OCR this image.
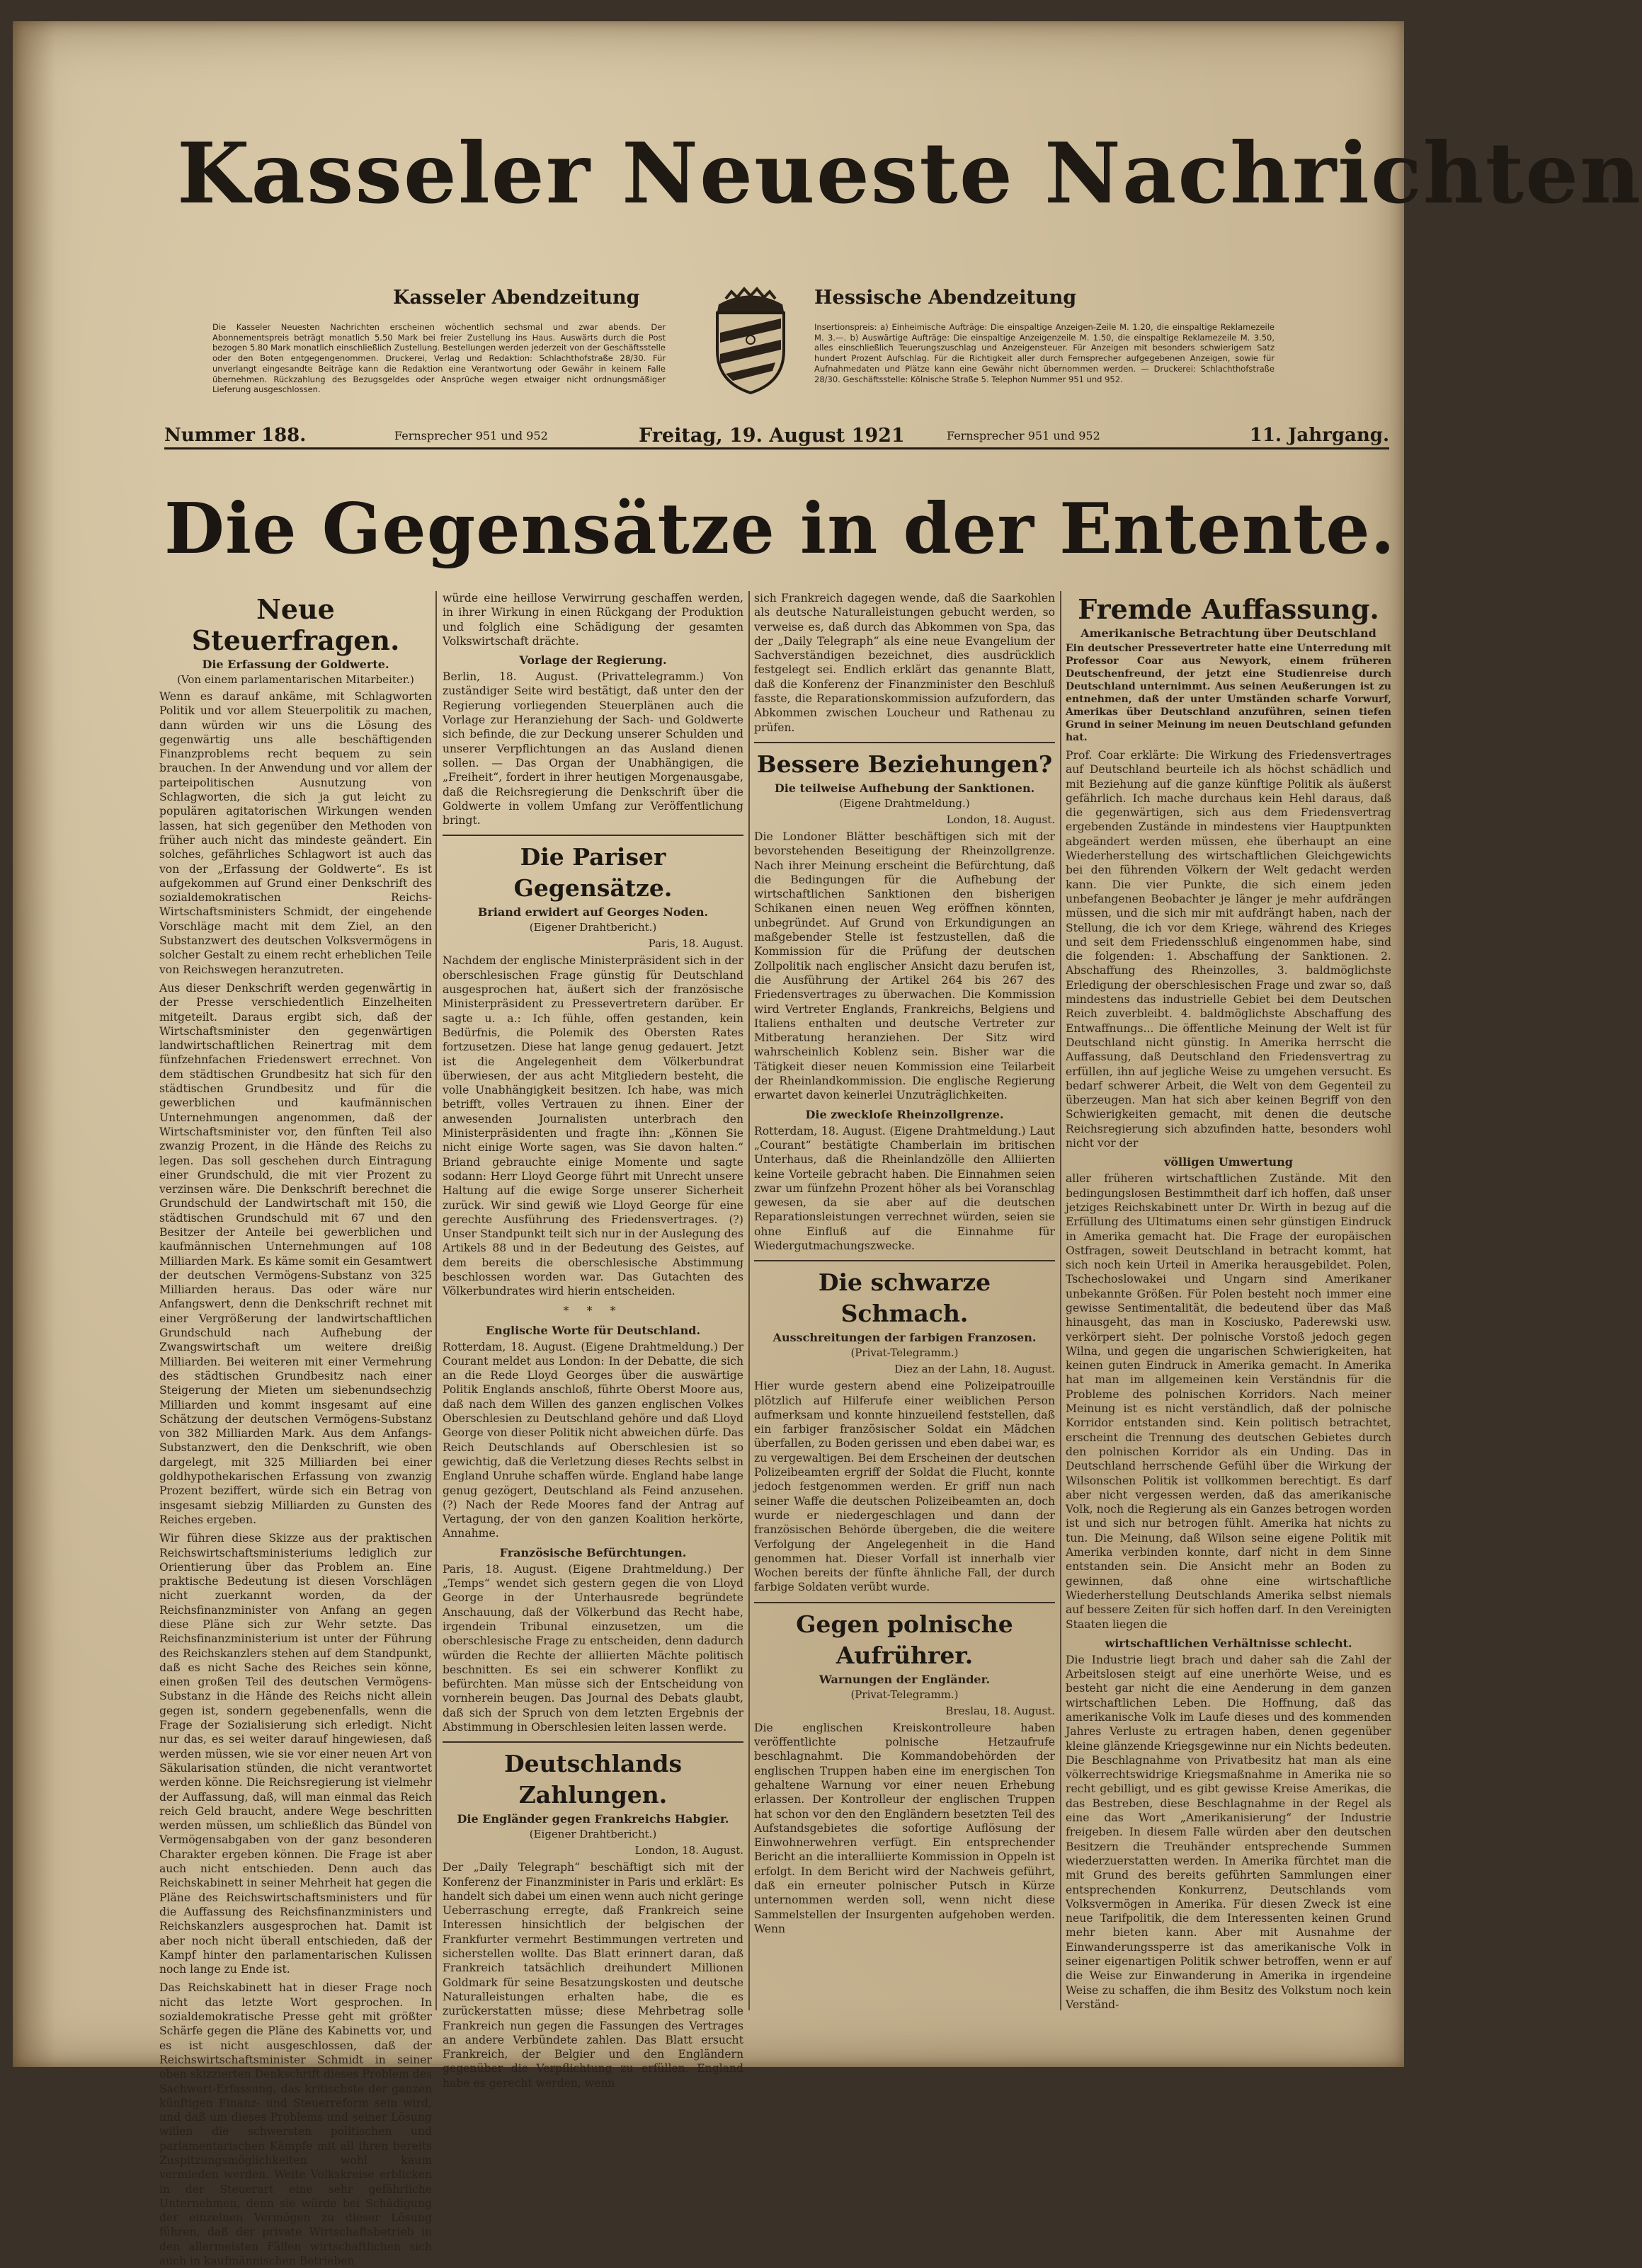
Kasseler Neueste Nachrichten
Kasseler Abendzeitung	Hessische Abendzeitung
Die Kasseler Neuesten Nachrichten erscheinen wöchentlich sechsmal und zwar abends. Der Abonnementspreis beträgt monatlich 5.50 Mark bei freier Zustellung ins Haus. Auswärts durch die Post bezogen 5.80 Mark monatlich einschließlich Zustellung. Bestellungen werden jederzeit von der Geschäftsstelle oder den Boten entgegengenommen. Druckerei, Verlag und Redaktion: Schlachthofstraße 28/30. Für unverlangt eingesandte Beiträge kann die Redaktion eine Verantwortung oder Gewähr in keinem Falle übernehmen. Rückzahlung des Bezugsgeldes oder Ansprüche wegen etwaiger nicht ordnungsmäßiger Lieferung ausgeschlossen.
Insertionspreis: a) Einheimische Aufträge: Die einspaltige Anzeigen-Zeile M. 1.20, die einspaltige Reklamezeile M. 3.—. b) Auswärtige Aufträge: Die einspaltige Anzeigenzeile M. 1.50, die einspaltige Reklamezeile M. 3.50, alles einschließlich Teuerungszuschlag und Anzeigensteuer. Für Anzeigen mit besonders schwierigem Satz hundert Prozent Aufschlag. Für die Richtigkeit aller durch Fernsprecher aufgegebenen Anzeigen, sowie für Aufnahmedaten und Plätze kann eine Gewähr nicht übernommen werden. — Druckerei: Schlachthofstraße 28/30. Geschäftsstelle: Kölnische Straße 5. Telephon Nummer 951 und 952.
Nummer 188.	Fernsprecher 951 und 952	Freitag, 19. August 1921	Fernsprecher 951 und 952	11. Jahrgang.
Die Gegensätze in der Entente.
Neue Steuerfragen.
Die Erfassung der Goldwerte.
(Von einem parlamentarischen Mitarbeiter.)

Wenn es darauf ankäme, mit Schlagworten Politik und vor allem Steuerpolitik zu machen, dann würden wir uns die Lösung des gegenwärtig uns alle beschäftigenden Finanzproblems recht bequem zu sein brauchen. In der Anwendung und vor allem der parteipolitischen Ausnutzung von Schlagworten, die sich ja gut leicht zu populären agitatorischen Wirkungen wenden lassen, hat sich gegenüber den Methoden von früher auch nicht das mindeste geändert. Ein solches, gefährliches Schlagwort ist auch das von der „Erfassung der Goldwerte“. Es ist aufgekommen auf Grund einer Denkschrift des sozialdemokratischen Reichs-Wirtschaftsministers Schmidt, der eingehende Vorschläge macht mit dem Ziel, an den Substanzwert des deutschen Volksvermögens in solcher Gestalt zu einem recht erheblichen Teile von Reichswegen heranzutreten.

Aus dieser Denkschrift werden gegenwärtig in der Presse verschiedentlich Einzelheiten mitgeteilt. Daraus ergibt sich, daß der Wirtschaftsminister den gegenwärtigen landwirtschaftlichen Reinertrag mit dem fünfzehnfachen Friedenswert errechnet. Von dem städtischen Grundbesitz hat sich für den städtischen Grundbesitz und für die gewerblichen und kaufmännischen Unternehmungen angenommen, daß der Wirtschaftsminister vor, den fünften Teil also zwanzig Prozent, in die Hände des Reichs zu legen. Das soll geschehen durch Eintragung einer Grundschuld, die mit vier Prozent zu verzinsen wäre. Die Denkschrift berechnet die Grundschuld der Landwirtschaft mit 150, die städtischen Grundschuld mit 67 und den Besitzer der Anteile bei gewerblichen und kaufmännischen Unternehmungen auf 108 Milliarden Mark. Es käme somit ein Gesamtwert der deutschen Vermögens-Substanz von 325 Milliarden heraus. Das oder wäre nur Anfangswert, denn die Denkschrift rechnet mit einer Vergrößerung der landwirtschaftlichen Grundschuld nach Aufhebung der Zwangswirtschaft um weitere dreißig Milliarden. Bei weiteren mit einer Vermehrung des städtischen Grundbesitz nach einer Steigerung der Mieten um siebenundsechzig Milliarden und kommt insgesamt auf eine Schätzung der deutschen Vermögens-Substanz von 382 Milliarden Mark. Aus dem Anfangs-Substanzwert, den die Denkschrift, wie oben dargelegt, mit 325 Milliarden bei einer goldhypothekarischen Erfassung von zwanzig Prozent beziffert, würde sich ein Betrag von insgesamt siebzig Milliarden zu Gunsten des Reiches ergeben.

Wir führen diese Skizze aus der praktischen Reichswirtschaftsministeriums lediglich zur Orientierung über das Problem an. Eine praktische Bedeutung ist diesen Vorschlägen nicht zuerkannt worden, da der Reichsfinanzminister von Anfang an gegen diese Pläne sich zur Wehr setzte. Das Reichsfinanzministerium ist unter der Führung des Reichskanzlers stehen auf dem Standpunkt, daß es nicht Sache des Reiches sein könne, einen großen Teil des deutschen Vermögens-Substanz in die Hände des Reichs nicht allein gegen ist, sondern gegebenenfalls, wenn die Frage der Sozialisierung sich erledigt. Nicht nur das, es sei weiter darauf hingewiesen, daß werden müssen, wie sie vor einer neuen Art von Säkularisation stünden, die nicht verantwortet werden könne. Die Reichsregierung ist vielmehr der Auffassung, daß, will man einmal das Reich reich Geld braucht, andere Wege beschritten werden müssen, um schließlich das Bündel von Vermögensabgaben von der ganz besonderen Charakter ergeben können. Die Frage ist aber auch nicht entschieden. Denn auch das Reichskabinett in seiner Mehrheit hat gegen die Pläne des Reichswirtschaftsministers und für die Auffassung des Reichsfinanzministers und Reichskanzlers ausgesprochen hat. Damit ist aber noch nicht überall entschieden, daß der Kampf hinter den parlamentarischen Kulissen noch lange zu Ende ist.

Das Reichskabinett hat in dieser Frage noch nicht das letzte Wort gesprochen. In sozialdemokratische Presse geht mit größter Schärfe gegen die Pläne des Kabinetts vor, und es ist nicht ausgeschlossen, daß der Reichswirtschaftsminister Schmidt in seiner oben skizzierten Denkschrift dieses Problem des Sachwert-Erfassung, das kritischste der ganzen künftigen Finanz- und Steuerreform sein wird, und daß um dieses Problems und seiner Lösung willen die schwersten politischen und parlamentarischen Kämpfe mit all ihren bereits Zuspitzungsmöglichkeiten wohl kaum vermieden werden. Weite Volkskreise erblicken in der Steuerart eine sehr gefährliche Unternehmen, denn sie würde bei Schädigung der einzelnen Vermögen zu dieser Lösung führen, daß der private Wirtschaftsbetrieb in den allermeisten Fällen wirtschaftlichen sich auch in kaufmännischen Betrieben

würde eine heillose Verwirrung geschaffen werden, in ihrer Wirkung in einen Rückgang der Produktion und folglich eine Schädigung der gesamten Volkswirtschaft drächte.

Vorlage der Regierung.

Berlin, 18. August. (Privattelegramm.) Von zuständiger Seite wird bestätigt, daß unter den der Regierung vorliegenden Steuerplänen auch die Vorlage zur Heranziehung der Sach- und Goldwerte sich befinde, die zur Deckung unserer Schulden und unserer Verpflichtungen an das Ausland dienen sollen. — Das Organ der Unabhängigen, die „Freiheit“, fordert in ihrer heutigen Morgenausgabe, daß die Reichsregierung die Denkschrift über die Goldwerte in vollem Umfang zur Veröffentlichung bringt.

Die Pariser Gegensätze.
Briand erwidert auf Georges Noden.
(Eigener Drahtbericht.)
Paris, 18. August.

Nachdem der englische Ministerpräsident sich in der oberschlesischen Frage günstig für Deutschland ausgesprochen hat, äußert sich der französische Ministerpräsident zu Pressevertretern darüber. Er sagte u. a.: Ich fühle, offen gestanden, kein Bedürfnis, die Polemik des Obersten Rates fortzusetzen. Diese hat lange genug gedauert. Jetzt ist die Angelegenheit dem Völkerbundrat überwiesen, der aus acht Mitgliedern besteht, die volle Unabhängigkeit besitzen. Ich habe, was mich betrifft, volles Vertrauen zu ihnen. Einer der anwesenden Journalisten unterbrach den Ministerpräsidenten und fragte ihn: „Können Sie nicht einige Worte sagen, was Sie davon halten.“ Briand gebrauchte einige Momente und sagte sodann: Herr Lloyd George führt mit Unrecht unsere Haltung auf die ewige Sorge unserer Sicherheit zurück. Wir sind gewiß wie Lloyd George für eine gerechte Ausführung des Friedensvertrages. (?) Unser Standpunkt teilt sich nur in der Auslegung des Artikels 88 und in der Bedeutung des Geistes, auf dem bereits die oberschlesische Abstimmung beschlossen worden war. Das Gutachten des Völkerbundrates wird hierin entscheiden.

* * *
Englische Worte für Deutschland.

Rotterdam, 18. August. (Eigene Drahtmeldung.) Der Courant meldet aus London: In der Debatte, die sich an die Rede Lloyd Georges über die auswärtige Politik Englands anschloß, führte Oberst Moore aus, daß nach dem Willen des ganzen englischen Volkes Oberschlesien zu Deutschland gehöre und daß Lloyd George von dieser Politik nicht abweichen dürfe. Das Reich Deutschlands auf Oberschlesien ist so gewichtig, daß die Verletzung dieses Rechts selbst in England Unruhe schaffen würde. England habe lange genug gezögert, Deutschland als Feind anzusehen. (?) Nach der Rede Moores fand der Antrag auf Vertagung, der von den ganzen Koalition herkörte, Annahme.

Französische Befürchtungen.

Paris, 18. August. (Eigene Drahtmeldung.) Der „Temps“ wendet sich gestern gegen die von Lloyd George in der Unterhausrede begründete Anschauung, daß der Völkerbund das Recht habe, irgendein Tribunal einzusetzen, um die oberschlesische Frage zu entscheiden, denn dadurch würden die Rechte der alliierten Mächte politisch beschnitten. Es sei ein schwerer Konflikt zu befürchten. Man müsse sich der Entscheidung von vornherein beugen. Das Journal des Debats glaubt, daß sich der Spruch von dem letzten Ergebnis der Abstimmung in Oberschlesien leiten lassen werde.

Deutschlands Zahlungen.
Die Engländer gegen Frankreichs Habgier.
(Eigener Drahtbericht.)
London, 18. August.

Der „Daily Telegraph“ beschäftigt sich mit der Konferenz der Finanzminister in Paris und erklärt: Es handelt sich dabei um einen wenn auch nicht geringe Ueberraschung erregte, daß Frankreich seine Interessen hinsichtlich der belgischen der Frankfurter vermehrt Bestimmungen vertreten und sicherstellen wollte. Das Blatt erinnert daran, daß Frankreich tatsächlich dreihundert Millionen Goldmark für seine Besatzungskosten und deutsche Naturalleistungen erhalten habe, die es zurückerstatten müsse; diese Mehrbetrag solle Frankreich nun gegen die Fassungen des Vertrages an andere Verbündete zahlen. Das Blatt ersucht Frankreich, der Belgier und den Engländern gegenüber die Verpflichtung zu erfüllen. England habe es gerecht werden, wenn

sich Frankreich dagegen wende, daß die Saarkohlen als deutsche Naturalleistungen gebucht werden, so verweise es, daß durch das Abkommen von Spa, das der „Daily Telegraph“ als eine neue Evangelium der Sachverständigen bezeichnet, dies ausdrücklich festgelegt sei. Endlich erklärt das genannte Blatt, daß die Konferenz der Finanzminister den Beschluß fasste, die Reparationskommission aufzufordern, das Abkommen zwischen Loucheur und Rathenau zu prüfen.

Bessere Beziehungen?
Die teilweise Aufhebung der Sanktionen.
(Eigene Drahtmeldung.)
London, 18. August.

Die Londoner Blätter beschäftigen sich mit der bevorstehenden Beseitigung der Rheinzollgrenze. Nach ihrer Meinung erscheint die Befürchtung, daß die Bedingungen für die Aufhebung der wirtschaftlichen Sanktionen den bisherigen Schikanen einen neuen Weg eröffnen könnten, unbegründet. Auf Grund von Erkundigungen an maßgebender Stelle ist festzustellen, daß die Kommission für die Prüfung der deutschen Zollpolitik nach englischer Ansicht dazu berufen ist, die Ausführung der Artikel 264 bis 267 des Friedensvertrages zu überwachen. Die Kommission wird Vertreter Englands, Frankreichs, Belgiens und Italiens enthalten und deutsche Vertreter zur Mitberatung heranziehen. Der Sitz wird wahrscheinlich Koblenz sein. Bisher war die Tätigkeit dieser neuen Kommission eine Teilarbeit der Rheinlandkommission. Die englische Regierung erwartet davon keinerlei Unzuträglichkeiten.

Die zweckloſe Rheinzollgrenze.

Rotterdam, 18. August. (Eigene Drahtmeldung.) Laut „Courant“ bestätigte Chamberlain im britischen Unterhaus, daß die Rheinlandzölle den Alliierten keine Vorteile gebracht haben. Die Einnahmen seien zwar um fünfzehn Prozent höher als bei Voranschlag gewesen, da sie aber auf die deutschen Reparationsleistungen verrechnet würden, seien sie ohne Einfluß auf die Einnahme für Wiedergutmachungszwecke.

Die schwarze Schmach.
Ausschreitungen der farbigen Franzosen.
(Privat-Telegramm.)
Diez an der Lahn, 18. August.

Hier wurde gestern abend eine Polizeipatrouille plötzlich auf Hilferufe einer weiblichen Person aufmerksam und konnte hinzueilend feststellen, daß ein farbiger französischer Soldat ein Mädchen überfallen, zu Boden gerissen und eben dabei war, es zu vergewaltigen. Bei dem Erscheinen der deutschen Polizeibeamten ergriff der Soldat die Flucht, konnte jedoch festgenommen werden. Er griff nun nach seiner Waffe die deutschen Polizeibeamten an, doch wurde er niedergeschlagen und dann der französischen Behörde übergeben, die die weitere Verfolgung der Angelegenheit in die Hand genommen hat. Dieser Vorfall ist innerhalb vier Wochen bereits der fünfte ähnliche Fall, der durch farbige Soldaten verübt wurde.

Gegen polnische Aufrührer.
Warnungen der Engländer.
(Privat-Telegramm.)
Breslau, 18. August.

Die englischen Kreiskontrolleure haben veröffentlichte polnische Hetzaufrufe beschlagnahmt. Die Kommandobehörden der englischen Truppen haben eine im energischen Ton gehaltene Warnung vor einer neuen Erhebung erlassen. Der Kontrolleur der englischen Truppen hat schon vor den den Engländern besetzten Teil des Aufstandsgebietes die sofortige Auflösung der Einwohnerwehren verfügt. Ein entsprechender Bericht an die interalliierte Kommission in Oppeln ist erfolgt. In dem Bericht wird der Nachweis geführt, daß ein erneuter polnischer Putsch in Kürze unternommen werden soll, wenn nicht diese Sammelstellen der Insurgenten aufgehoben werden. Wenn

Fremde Auffassung.
Amerikanische Betrachtung über Deutschland

Ein deutscher Pressevertreter hatte eine Unterredung mit Professor Coar aus Newyork, einem früheren Deutschenfreund, der jetzt eine Studienreise durch Deutschland unternimmt. Aus seinen Aeußerungen ist zu entnehmen, daß der unter Umständen scharfe Vorwurf, Amerikas über Deutschland anzuführen, seinen tiefen Grund in seiner Meinung im neuen Deutschland gefunden hat.

Prof. Coar erklärte: Die Wirkung des Friedensvertrages auf Deutschland beurteile ich als höchst schädlich und mit Beziehung auf die ganze künftige Politik als äußerst gefährlich. Ich mache durchaus kein Hehl daraus, daß die gegenwärtigen, sich aus dem Friedensvertrag ergebenden Zustände in mindestens vier Hauptpunkten abgeändert werden müssen, ehe überhaupt an eine Wiederherstellung des wirtschaftlichen Gleichgewichts bei den führenden Völkern der Welt gedacht werden kann. Die vier Punkte, die sich einem jeden unbefangenen Beobachter je länger je mehr aufdrängen müssen, und die sich mir mit aufdrängt haben, nach der Stellung, die ich vor dem Kriege, während des Krieges und seit dem Friedensschluß eingenommen habe, sind die folgenden: 1. Abschaffung der Sanktionen. 2. Abschaffung des Rheinzolles, 3. baldmöglichste Erledigung der oberschlesischen Frage und zwar so, daß mindestens das industrielle Gebiet bei dem Deutschen Reich zuverbleibt. 4. baldmöglichste Abschaffung des Entwaffnungs... Die öffentliche Meinung der Welt ist für Deutschland nicht günstig. In Amerika herrscht die Auffassung, daß Deutschland den Friedensvertrag zu erfüllen, ihn auf jegliche Weise zu umgehen versucht. Es bedarf schwerer Arbeit, die Welt von dem Gegenteil zu überzeugen. Man hat sich aber keinen Begriff von den Schwierigkeiten gemacht, mit denen die deutsche Reichsregierung sich abzufinden hatte, besonders wohl nicht vor der

völligen Umwertung

aller früheren wirtschaftlichen Zustände. Mit den bedingungslosen Bestimmtheit darf ich hoffen, daß unser jetziges Reichskabinett unter Dr. Wirth in bezug auf die Erfüllung des Ultimatums einen sehr günstigen Eindruck in Amerika gemacht hat. Die Frage der europäischen Ostfragen, soweit Deutschland in betracht kommt, hat sich noch kein Urteil in Amerika herausgebildet. Polen, Tschechoslowakei und Ungarn sind Amerikaner unbekannte Größen. Für Polen besteht noch immer eine gewisse Sentimentalität, die bedeutend über das Maß hinausgeht, das man in Kosciusko, Paderewski usw. verkörpert sieht. Der polnische Vorstoß jedoch gegen Wilna, und gegen die ungarischen Schwierigkeiten, hat keinen guten Eindruck in Amerika gemacht. In Amerika hat man im allgemeinen kein Verständnis für die Probleme des polnischen Korridors. Nach meiner Meinung ist es nicht verständlich, daß der polnische Korridor entstanden sind. Kein politisch betrachtet, erscheint die Trennung des deutschen Gebietes durch den polnischen Korridor als ein Unding. Das in Deutschland herrschende Gefühl über die Wirkung der Wilsonschen Politik ist vollkommen berechtigt. Es darf aber nicht vergessen werden, daß das amerikanische Volk, noch die Regierung als ein Ganzes betrogen worden ist und sich nur betrogen fühlt. Amerika hat nichts zu tun. Die Meinung, daß Wilson seine eigene Politik mit Amerika verbinden konnte, darf nicht in dem Sinne entstanden sein. Die Ansicht mehr an Boden zu gewinnen, daß ohne eine wirtschaftliche Wiederherstellung Deutschlands Amerika selbst niemals auf bessere Zeiten für sich hoffen darf. In den Vereinigten Staaten liegen die

wirtschaftlichen Verhältnisse schlecht.

Die Industrie liegt brach und daher sah die Zahl der Arbeitslosen steigt auf eine unerhörte Weise, und es besteht gar nicht die eine Aenderung in dem ganzen wirtschaftlichen Leben. Die Hoffnung, daß das amerikanische Volk im Laufe dieses und des kommenden Jahres Verluste zu ertragen haben, denen gegenüber kleine glänzende Kriegsgewinne nur ein Nichts bedeuten. Die Beschlagnahme von Privatbesitz hat man als eine völkerrechtswidrige Kriegsmaßnahme in Amerika nie so recht gebilligt, und es gibt gewisse Kreise Amerikas, die das Bestreben, diese Beschlagnahme in der Regel als eine das Wort „Amerikanisierung“ der Industrie freigeben. In diesem Falle würden aber den deutschen Besitzern die Treuhänder entsprechende Summen wiederzuerstatten werden. In Amerika fürchtet man die mit Grund des bereits geführten Sammlungen einer entsprechenden Konkurrenz, Deutschlands vom Volksvermögen in Amerika. Für diesen Zweck ist eine neue Tarifpolitik, die dem Interessenten keinen Grund mehr bieten kann. Aber mit Ausnahme der Einwanderungssperre ist das amerikanische Volk in seiner eigenartigen Politik schwer betroffen, wenn er auf die Weise zur Einwanderung in Amerika in irgendeine Weise zu schaffen, die ihm Besitz des Volkstum noch kein Verständ-
